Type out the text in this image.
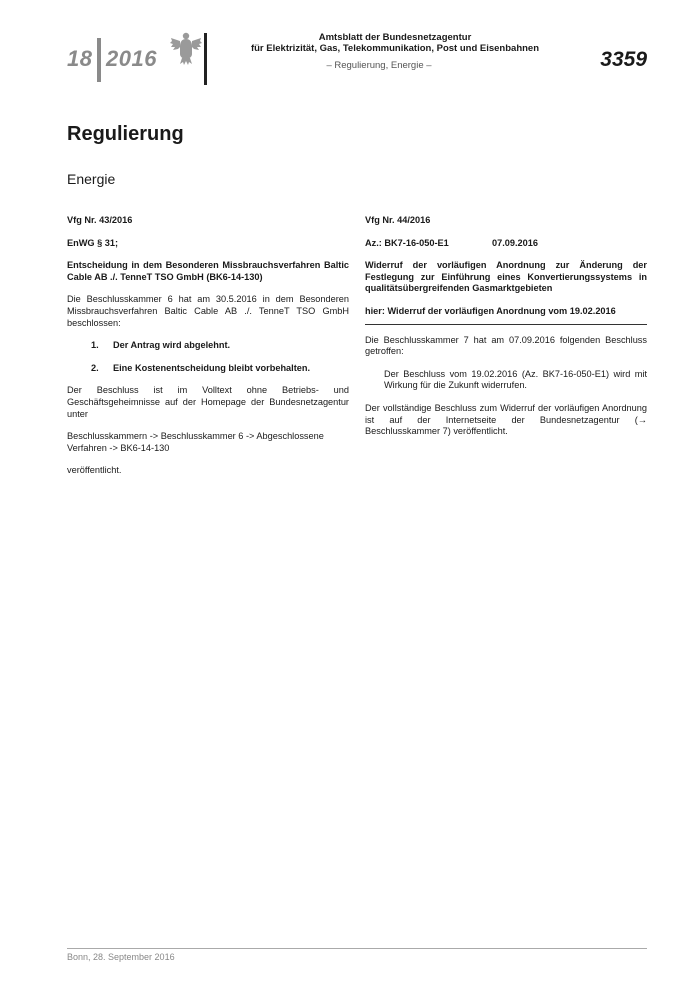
18 2016
Amtsblatt der Bundesnetzagentur
für Elektrizität, Gas, Telekommunikation, Post und Eisenbahnen
– Regulierung, Energie –	3359
Regulierung
Energie

Vfg Nr. 43/2016

EnWG § 31;

Entscheidung in dem Besonderen Missbrauchsverfahren Baltic Cable AB ./. TenneT TSO GmbH (BK6-14-130)

Die Beschlusskammer 6 hat am 30.5.2016 in dem Besonderen Missbrauchsverfahren Baltic Cable AB ./. TenneT TSO GmbH beschlossen:

1.	Der Antrag wird abgelehnt.
2.	Eine Kostenentscheidung bleibt vorbehalten.

Der Beschluss ist im Volltext ohne Betriebs- und Geschäftsgeheimnisse auf der Homepage der Bundesnetzagentur unter

Beschlusskammern -> Beschlusskammer 6 -> Abgeschlossene Verfahren -> BK6-14-130

veröffentlicht.

Vfg Nr. 44/2016

Az.: BK7-16-050-E1	07.09.2016

Widerruf der vorläufigen Anordnung zur Änderung der Festlegung zur Einführung eines Konvertierungssystems in qualitätsübergreifenden Gasmarktgebieten

hier: Widerruf der vorläufigen Anordnung vom 19.02.2016

Die Beschlusskammer 7 hat am 07.09.2016 folgenden Beschluss getroffen:

Der Beschluss vom 19.02.2016 (Az. BK7-16-050-E1) wird mit Wirkung für die Zukunft widerrufen.

Der vollständige Beschluss zum Widerruf der vorläufigen Anordnung ist auf der Internetseite der Bundesnetzagentur (→ Beschlusskammer 7) veröffentlicht.

Bonn, 28. September 2016
